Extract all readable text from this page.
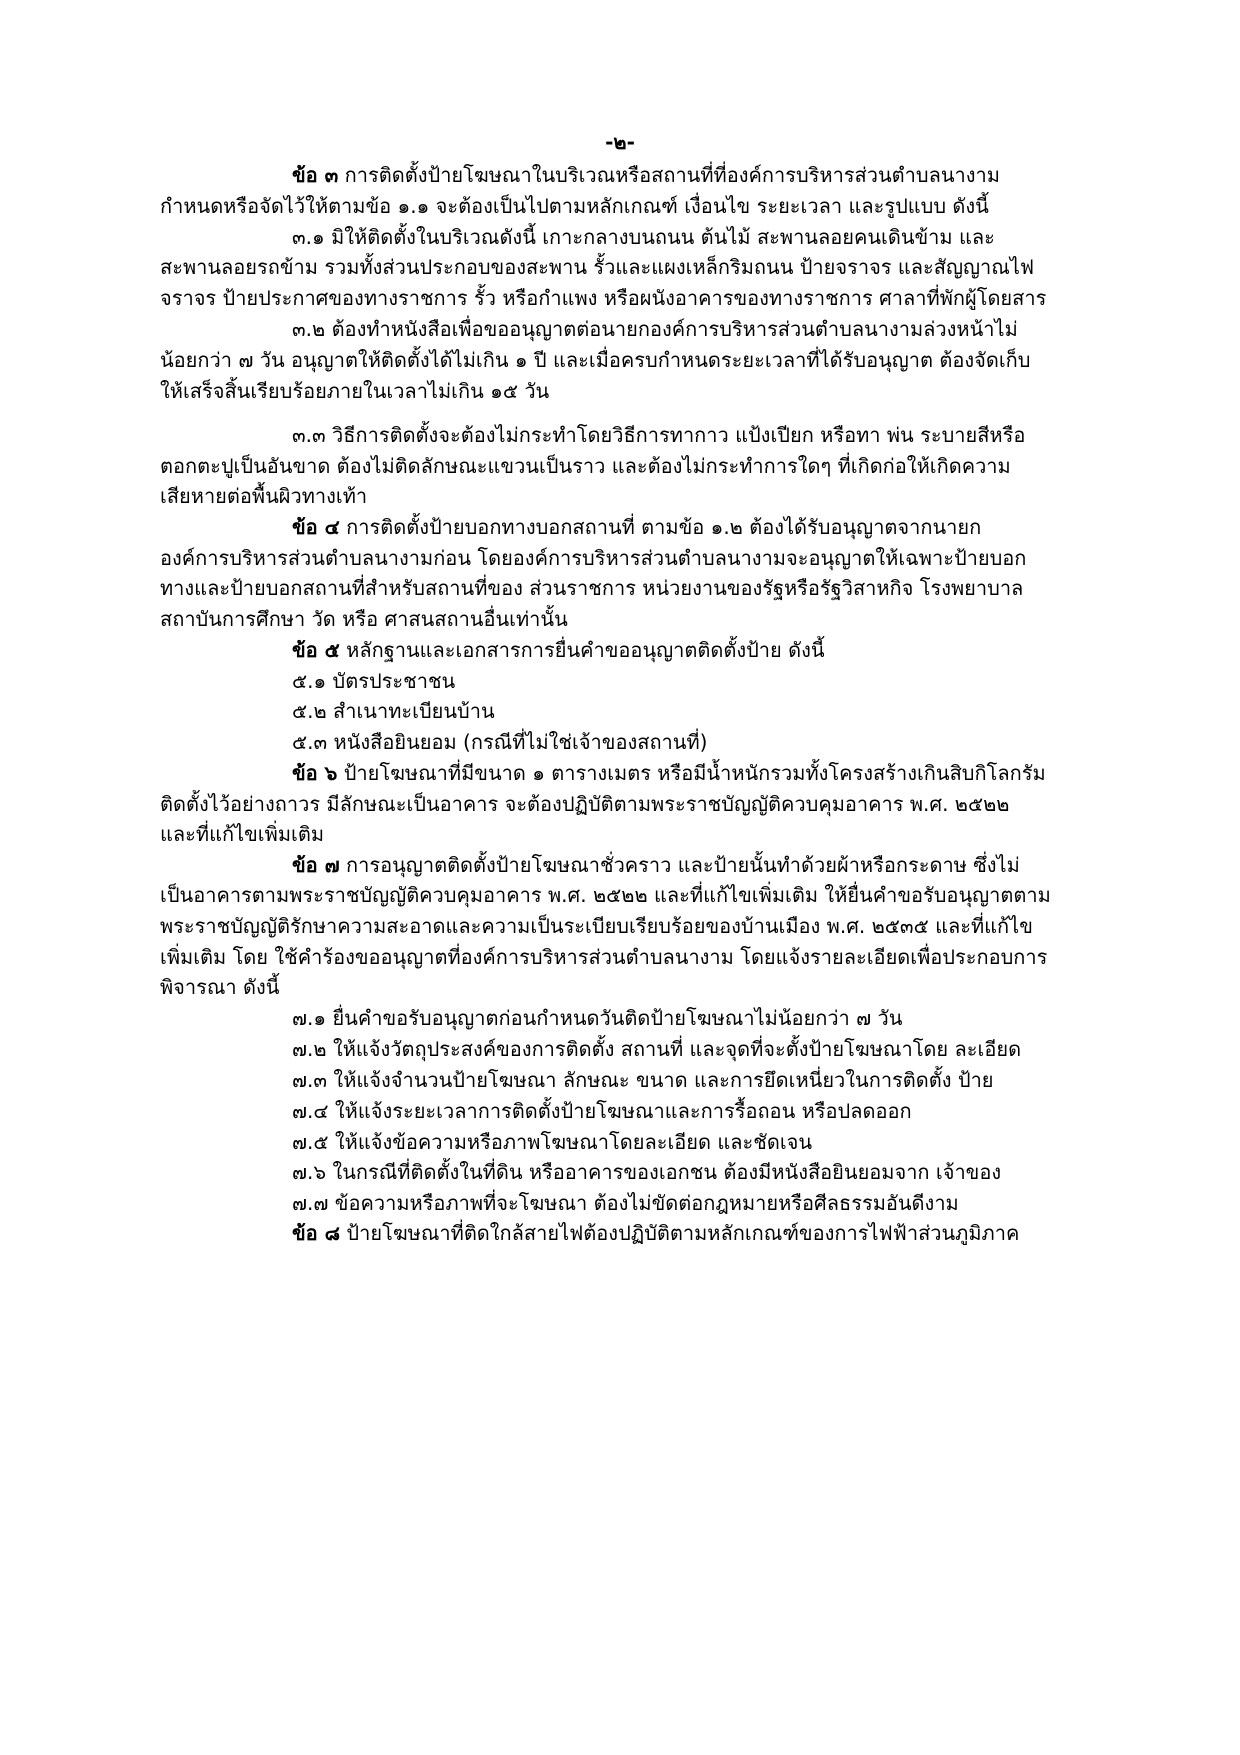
-๒-
ข้อ ๓ การติดตั้งป้ายโฆษณาในบริเวณหรือสถานที่ที่องค์การบริหารส่วนตำบลนางาม
กำหนดหรือจัดไว้ให้ตามข้อ ๑.๑ จะต้องเป็นไปตามหลักเกณฑ์ เงื่อนไข ระยะเวลา และรูปแบบ ดังนี้
๓.๑ มิให้ติดตั้งในบริเวณดังนี้ เกาะกลางบนถนน ต้นไม้ สะพานลอยคนเดินข้าม และ
สะพานลอยรถข้าม รวมทั้งส่วนประกอบของสะพาน รั้วและแผงเหล็กริมถนน ป้ายจราจร และสัญญาณไฟ
จราจร ป้ายประกาศของทางราชการ รั้ว หรือกำแพง หรือผนังอาคารของทางราชการ ศาลาที่พักผู้โดยสาร
๓.๒ ต้องทำหนังสือเพื่อขออนุญาตต่อนายกองค์การบริหารส่วนตำบลนางามล่วงหน้าไม่
น้อยกว่า ๗ วัน อนุญาตให้ติดตั้งได้ไม่เกิน ๑ ปี และเมื่อครบกำหนดระยะเวลาที่ได้รับอนุญาต ต้องจัดเก็บ
ให้เสร็จสิ้นเรียบร้อยภายในเวลาไม่เกิน ๑๕ วัน
๓.๓ วิธีการติดตั้งจะต้องไม่กระทำโดยวิธีการทากาว แป้งเปียก หรือทา พ่น ระบายสีหรือ
ตอกตะปูเป็นอันขาด ต้องไม่ติดลักษณะแขวนเป็นราว และต้องไม่กระทำการใดๆ ที่เกิดก่อให้เกิดความ
เสียหายต่อพื้นผิวทางเท้า
ข้อ ๔ การติดตั้งป้ายบอกทางบอกสถานที่ ตามข้อ ๑.๒ ต้องได้รับอนุญาตจากนายก
องค์การบริหารส่วนตำบลนางามก่อน โดยองค์การบริหารส่วนตำบลนางามจะอนุญาตให้เฉพาะป้ายบอก
ทางและป้ายบอกสถานที่สำหรับสถานที่ของ ส่วนราชการ หน่วยงานของรัฐหรือรัฐวิสาหกิจ โรงพยาบาล
สถาบันการศึกษา วัด หรือ ศาสนสถานอื่นเท่านั้น
ข้อ ๕ หลักฐานและเอกสารการยื่นคำขออนุญาตติดตั้งป้าย ดังนี้
๕.๑ บัตรประชาชน
๕.๒ สำเนาทะเบียนบ้าน
๕.๓ หนังสือยินยอม (กรณีที่ไม่ใช่เจ้าของสถานที่)
ข้อ ๖ ป้ายโฆษณาที่มีขนาด ๑ ตารางเมตร หรือมีน้ำหนักรวมทั้งโครงสร้างเกินสิบกิโลกรัม
ติดตั้งไว้อย่างถาวร มีลักษณะเป็นอาคาร จะต้องปฏิบัติตามพระราชบัญญัติควบคุมอาคาร พ.ศ. ๒๕๒๒
และที่แก้ไขเพิ่มเติม
ข้อ ๗ การอนุญาตติดตั้งป้ายโฆษณาชั่วคราว และป้ายนั้นทำด้วยผ้าหรือกระดาษ ซึ่งไม่
เป็นอาคารตามพระราชบัญญัติควบคุมอาคาร พ.ศ. ๒๕๒๒ และที่แก้ไขเพิ่มเติม ให้ยื่นคำขอรับอนุญาตตาม
พระราชบัญญัติรักษาความสะอาดและความเป็นระเบียบเรียบร้อยของบ้านเมือง พ.ศ. ๒๕๓๕ และที่แก้ไข
เพิ่มเติม โดย ใช้คำร้องขออนุญาตที่องค์การบริหารส่วนตำบลนางาม โดยแจ้งรายละเอียดเพื่อประกอบการ
พิจารณา ดังนี้
๗.๑ ยื่นคำขอรับอนุญาตก่อนกำหนดวันติดป้ายโฆษณาไม่น้อยกว่า ๗ วัน
๗.๒ ให้แจ้งวัตถุประสงค์ของการติดตั้ง สถานที่ และจุดที่จะตั้งป้ายโฆษณาโดย ละเอียด
๗.๓ ให้แจ้งจำนวนป้ายโฆษณา ลักษณะ ขนาด และการยึดเหนี่ยวในการติดตั้ง ป้าย
๗.๔ ให้แจ้งระยะเวลาการติดตั้งป้ายโฆษณาและการรื้อถอน หรือปลดออก
๗.๕ ให้แจ้งข้อความหรือภาพโฆษณาโดยละเอียด และชัดเจน
๗.๖ ในกรณีที่ติดตั้งในที่ดิน หรืออาคารของเอกชน ต้องมีหนังสือยินยอมจาก เจ้าของ
๗.๗ ข้อความหรือภาพที่จะโฆษณา ต้องไม่ขัดต่อกฎหมายหรือศีลธรรมอันดีงาม
ข้อ ๘ ป้ายโฆษณาที่ติดใกล้สายไฟต้องปฏิบัติตามหลักเกณฑ์ของการไฟฟ้าส่วนภูมิภาค
